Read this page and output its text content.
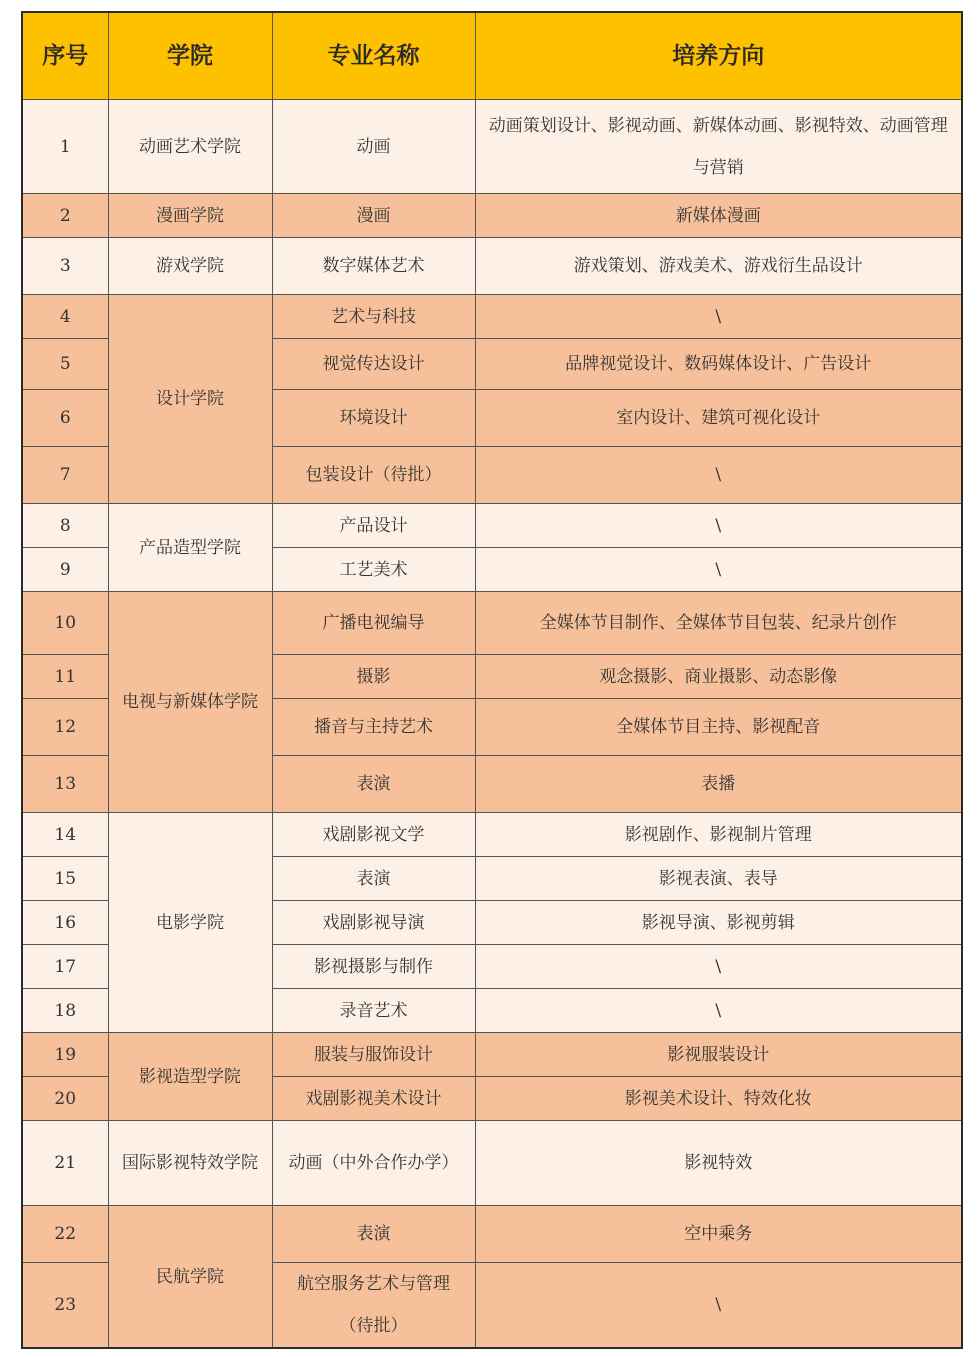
序号	学院	专业名称	培养方向
1	动画艺术学院	动画	动画策划设计、影视动画、新媒体动画、影视特效、动画管理与营销
2	漫画学院	漫画	新媒体漫画
3	游戏学院	数字媒体艺术	游戏策划、游戏美术、游戏衍生品设计
4	设计学院	艺术与科技	\
5		视觉传达设计	品牌视觉设计、数码媒体设计、广告设计
6		环境设计	室内设计、建筑可视化设计
7		包装设计（待批）	\
8	产品造型学院	产品设计	\
9		工艺美术	\
10	电视与新媒体学院	广播电视编导	全媒体节目制作、全媒体节目包装、纪录片创作
11		摄影	观念摄影、商业摄影、动态影像
12		播音与主持艺术	全媒体节目主持、影视配音
13		表演	表播
14	电影学院	戏剧影视文学	影视剧作、影视制片管理
15		表演	影视表演、表导
16		戏剧影视导演	影视导演、影视剪辑
17		影视摄影与制作	\
18		录音艺术	\
19	影视造型学院	服装与服饰设计	影视服装设计
20		戏剧影视美术设计	影视美术设计、特效化妆
21	国际影视特效学院	动画（中外合作办学）	影视特效
22	民航学院	表演	空中乘务
23		航空服务艺术与管理（待批）	\
